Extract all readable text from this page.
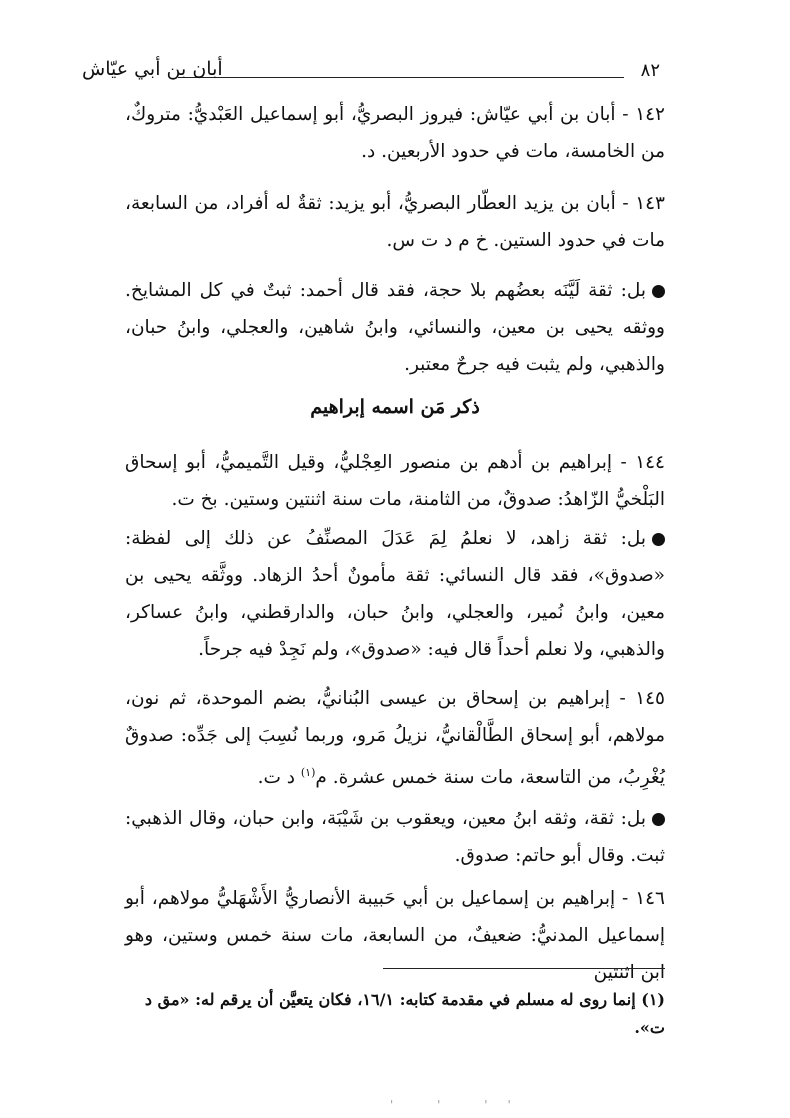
٨٢
أبان بن أبي عيّاش

١٤٢ - أبان بن أبي عيّاش: فيروز البصريُّ، أبو إسماعيل العَبْديُّ: متروكٌ، من الخامسة، مات في حدود الأربعين. د.

١٤٣ - أبان بن يزيد العطّار البصريُّ، أبو يزيد: ثقةٌ له أفراد، من السابعة، مات في حدود الستين. خ م د ت س.

بل: ثقة لَيَّنَه بعضُهم بلا حجة، فقد قال أحمد: ثبتٌ في كل المشايخ. ووثقه يحيى بن معين، والنسائي، وابنُ شاهين، والعجلي، وابنُ حبان، والذهبي، ولم يثبت فيه جرحٌ معتبر.

ذكر مَن اسمه إبراهيم

١٤٤ - إبراهيم بن أدهم بن منصور العِجْليُّ، وقيل التَّميميُّ، أبو إسحاق البَلْخيُّ الزّاهدُ: صدوقٌ، من الثامنة، مات سنة اثنتين وستين. بخ ت.

بل: ثقة زاهد، لا نعلمُ لِمَ عَدَلَ المصنِّفُ عن ذلك إلى لفظة: «صدوق»، فقد قال النسائي: ثقة مأمونٌ أحدُ الزهاد. ووثَّقه يحيى بن معين، وابنُ نُمير، والعجلي، وابنُ حبان، والدارقطني، وابنُ عساكر، والذهبي، ولا نعلم أحداً قال فيه: «صدوق»، ولم نَجِدْ فيه جرحاً.

١٤٥ - إبراهيم بن إسحاق بن عيسى البُنانيُّ، بضم الموحدة، ثم نون، مولاهم، أبو إسحاق الطَّالْقانيُّ، نزيلُ مَرو، وربما نُسِبَ إلى جَدِّه: صدوقٌ يُغْرِبُ، من التاسعة، مات سنة خمس عشرة. م$^{(١)}$ د ت.

بل: ثقة، وثقه ابنُ معين، ويعقوب بن شَيْبَة، وابن حبان، وقال الذهبي: ثبت. وقال أبو حاتم: صدوق.

١٤٦ - إبراهيم بن إسماعيل بن أبي حَبيبة الأنصاريُّ الأَشْهَليُّ مولاهم، أبو إسماعيل المدنيُّ: ضعيفٌ، من السابعة، مات سنة خمس وستين، وهو ابن اثنتين

(١) إنما روى له مسلم في مقدمة كتابه: ١٦/١، فكان يتعيَّن أن يرقم له: «مق د ت».
'' ' '
